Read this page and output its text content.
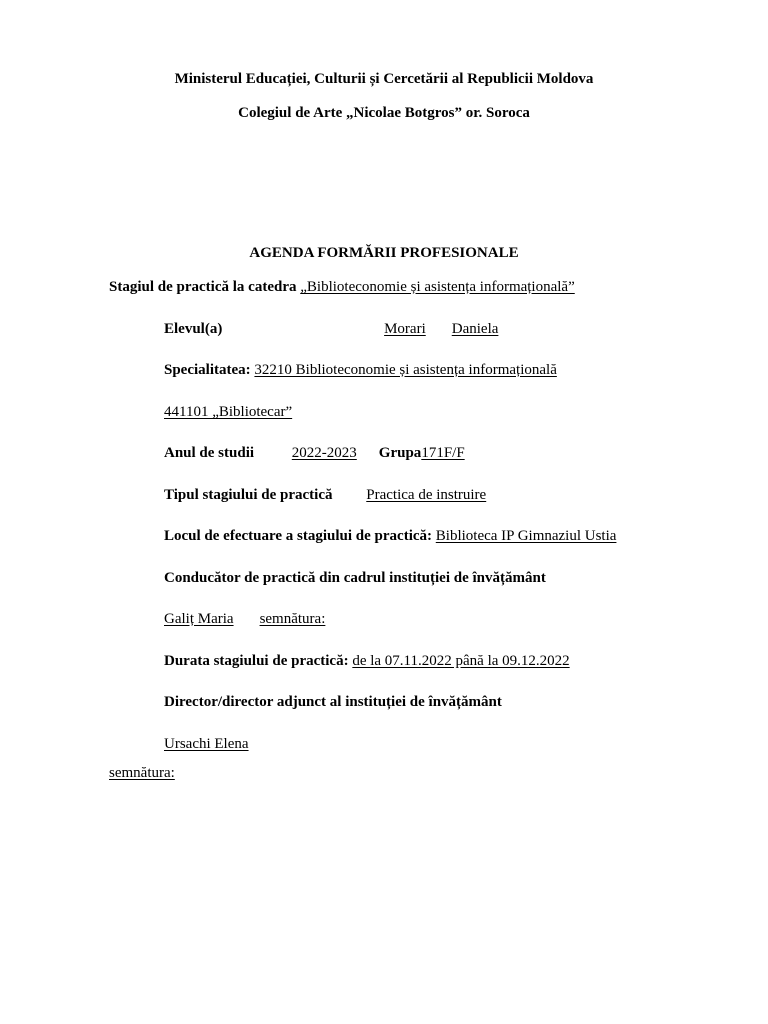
Ministerul Educației, Culturii și Cercetării al Republicii Moldova
Colegiul de Arte „Nicolae Botgros” or. Soroca
AGENDA FORMĂRII PROFESIONALE
Stagiul de practică la catedra „Biblioteconomie și asistența informațională”
Elevul(a)	Morari Daniela
Specialitatea: 32210 Biblioteconomie și asistența informațională
441101 „Bibliotecar”
Anul de studii	2022-2023 Grupa171F/F
Tipul stagiului de practică Practica de instruire
Locul de efectuare a stagiului de practică: Biblioteca IP Gimnaziul Ustia
Conducător de practică din cadrul instituției de învățământ
Galiț Maria semnătura:
Durata stagiului de practică: de la 07.11.2022 până la 09.12.2022
Director/director adjunct al instituției de învățământ
Ursachi Elena
semnătura:
